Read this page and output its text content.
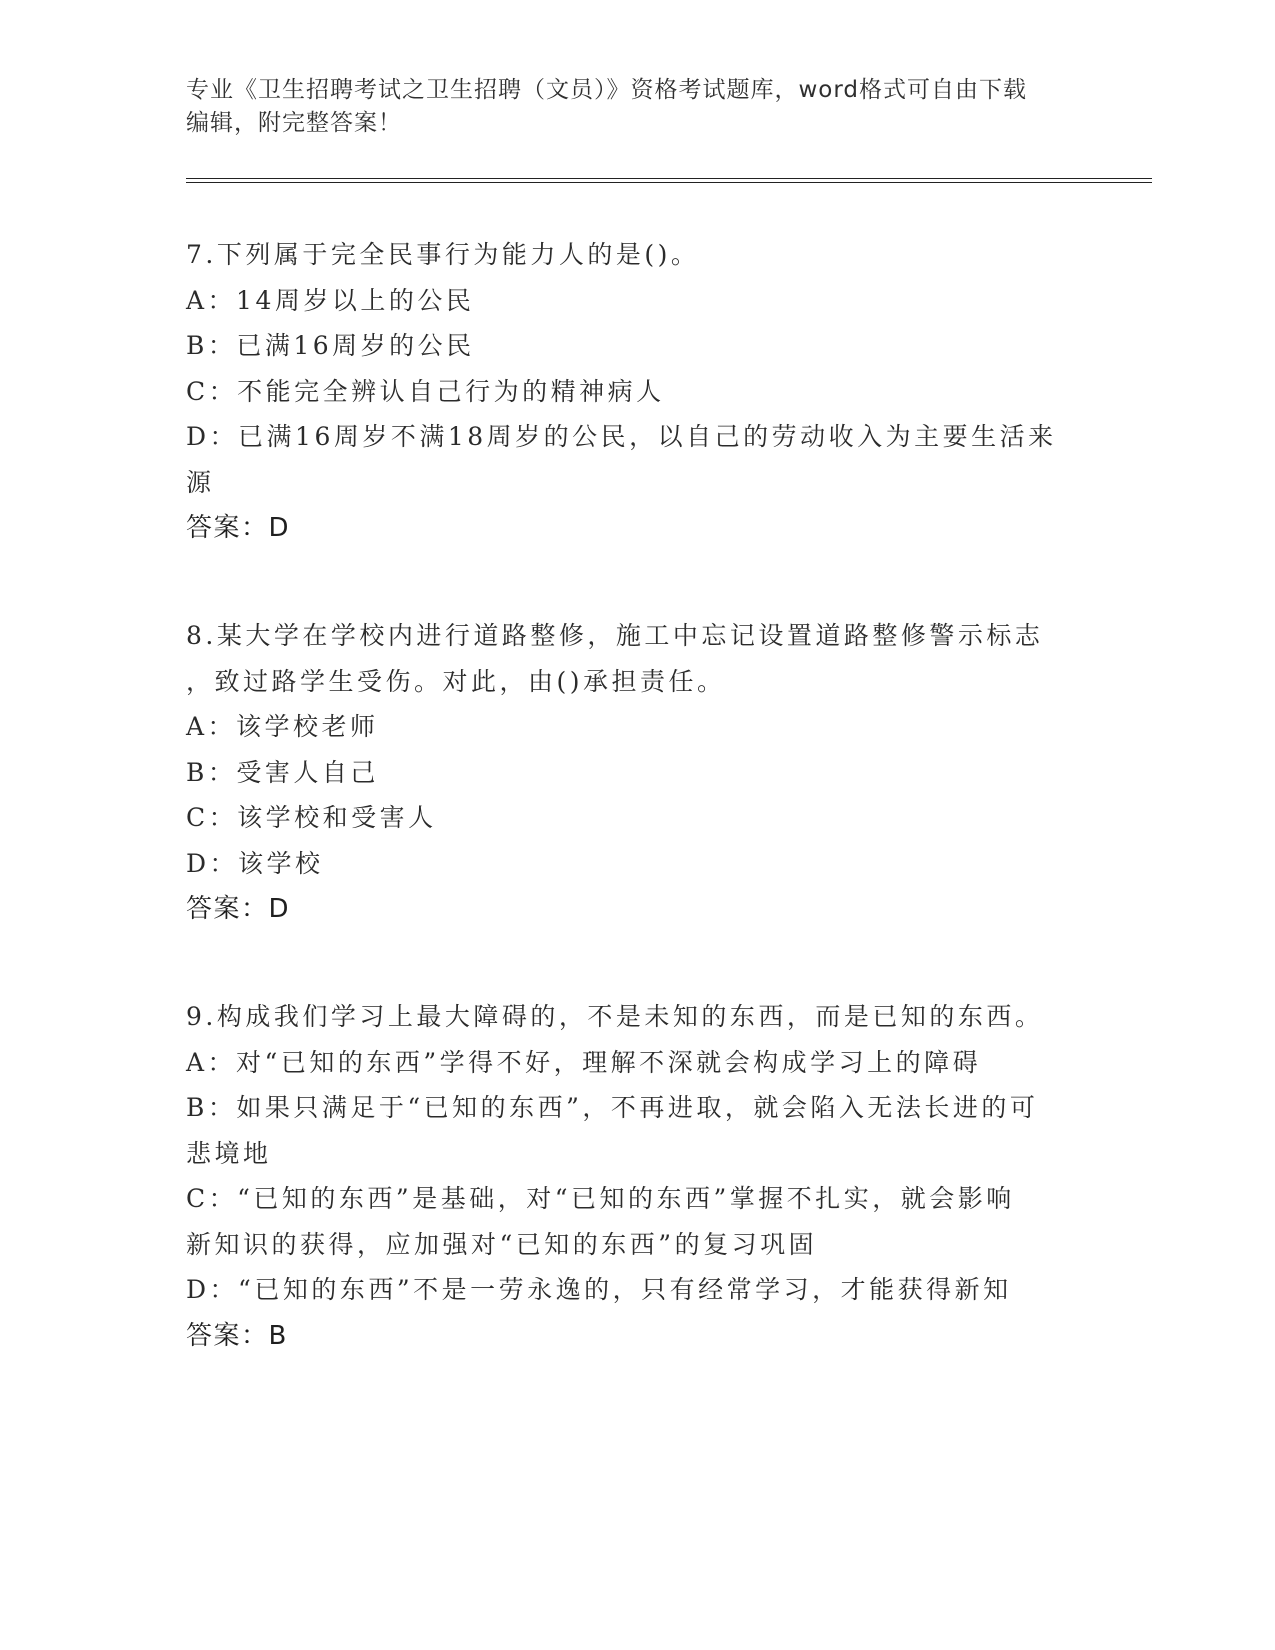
专业《卫生招聘考试之卫生招聘（文员）》资格考试题库，word格式可自由下载
编辑，附完整答案！
7.下列属于完全民事行为能力人的是()。
A：14周岁以上的公民
B：已满16周岁的公民
C：不能完全辨认自己行为的精神病人
D：已满16周岁不满18周岁的公民，以自己的劳动收入为主要生活来
源
答案：D
8.某大学在学校内进行道路整修，施工中忘记设置道路整修警示标志
，致过路学生受伤。对此，由()承担责任。
A：该学校老师
B：受害人自己
C：该学校和受害人
D：该学校
答案：D
9.构成我们学习上最大障碍的，不是未知的东西，而是已知的东西。
A：对“已知的东西”学得不好，理解不深就会构成学习上的障碍
B：如果只满足于“已知的东西”，不再进取，就会陷入无法长进的可
悲境地
C：“已知的东西”是基础，对“已知的东西”掌握不扎实，就会影响
新知识的获得，应加强对“已知的东西”的复习巩固
D：“已知的东西”不是一劳永逸的，只有经常学习，才能获得新知
答案：B
